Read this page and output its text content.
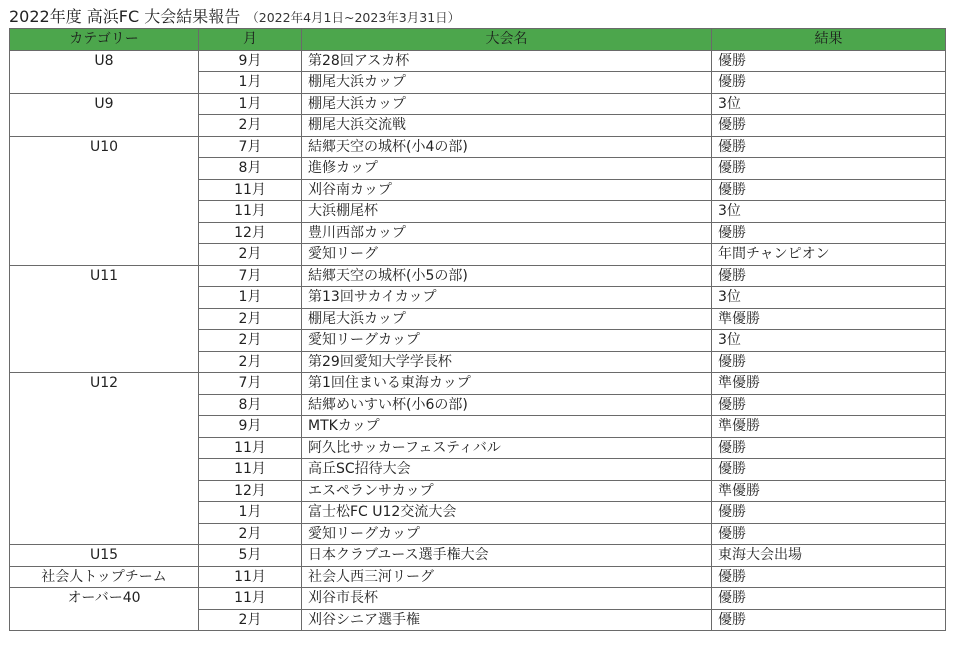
2022年度 高浜FC 大会結果報告 （2022年4月1日~2023年3月31日）
カテゴリー	月	大会名	結果
U8	9月	第28回アスカ杯	優勝
	1月	棚尾大浜カップ	優勝
U9	1月	棚尾大浜カップ	3位
	2月	棚尾大浜交流戦	優勝
U10	7月	結郷天空の城杯(小4の部)	優勝
	8月	進修カップ	優勝
	11月	刈谷南カップ	優勝
	11月	大浜棚尾杯	3位
	12月	豊川西部カップ	優勝
	2月	愛知リーグ	年間チャンピオン
U11	7月	結郷天空の城杯(小5の部)	優勝
	1月	第13回サカイカップ	3位
	2月	棚尾大浜カップ	準優勝
	2月	愛知リーグカップ	3位
	2月	第29回愛知大学学長杯	優勝
U12	7月	第1回住まいる東海カップ	準優勝
	8月	結郷めいすい杯(小6の部)	優勝
	9月	MTKカップ	準優勝
	11月	阿久比サッカーフェスティバル	優勝
	11月	高丘SC招待大会	優勝
	12月	エスペランサカップ	準優勝
	1月	富士松FC U12交流大会	優勝
	2月	愛知リーグカップ	優勝
U15	5月	日本クラブユース選手権大会	東海大会出場
社会人トップチーム	11月	社会人西三河リーグ	優勝
オーバー40	11月	刈谷市長杯	優勝
	2月	刈谷シニア選手権	優勝
